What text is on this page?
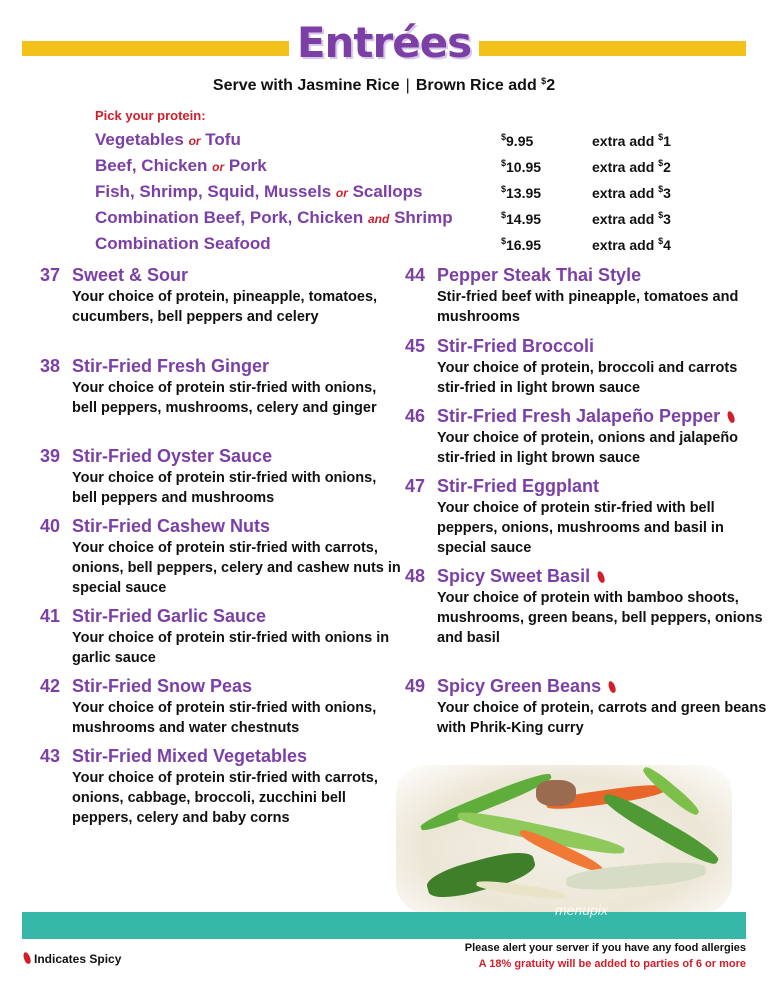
Entrées
Serve with Jasmine Rice | Brown Rice add $2
Pick your protein:
Vegetables or Tofu	$9.95	extra add $1
Beef, Chicken or Pork	$10.95	extra add $2
Fish, Shrimp, Squid, Mussels or Scallops	$13.95	extra add $3
Combination Beef, Pork, Chicken and Shrimp	$14.95	extra add $3
Combination Seafood	$16.95	extra add $4
37 Sweet & Sour
Your choice of protein, pineapple, tomatoes, cucumbers, bell peppers and celery
38 Stir-Fried Fresh Ginger
Your choice of protein stir-fried with onions, bell peppers, mushrooms, celery and ginger
39 Stir-Fried Oyster Sauce
Your choice of protein stir-fried with onions, bell peppers and mushrooms
40 Stir-Fried Cashew Nuts
Your choice of protein stir-fried with carrots, onions, bell peppers, celery and cashew nuts in special sauce
41 Stir-Fried Garlic Sauce
Your choice of protein stir-fried with onions in garlic sauce
42 Stir-Fried Snow Peas
Your choice of protein stir-fried with onions, mushrooms and water chestnuts
43 Stir-Fried Mixed Vegetables
Your choice of protein stir-fried with carrots, onions, cabbage, broccoli, zucchini bell peppers, celery and baby corns
44 Pepper Steak Thai Style
Stir-fried beef with pineapple, tomatoes and mushrooms
45 Stir-Fried Broccoli
Your choice of protein, broccoli and carrots stir-fried in light brown sauce
46 Stir-Fried Fresh Jalapeño Pepper
Your choice of protein, onions and jalapeño stir-fried in light brown sauce
47 Stir-Fried Eggplant
Your choice of protein stir-fried with bell peppers, onions, mushrooms and basil in special sauce
48 Spicy Sweet Basil
Your choice of protein with bamboo shoots, mushrooms, green beans, bell peppers, onions and basil
49 Spicy Green Beans
Your choice of protein, carrots and green beans with Phrik-King curry
menupix
Indicates Spicy
Please alert your server if you have any food allergies
A 18% gratuity will be added to parties of 6 or more
